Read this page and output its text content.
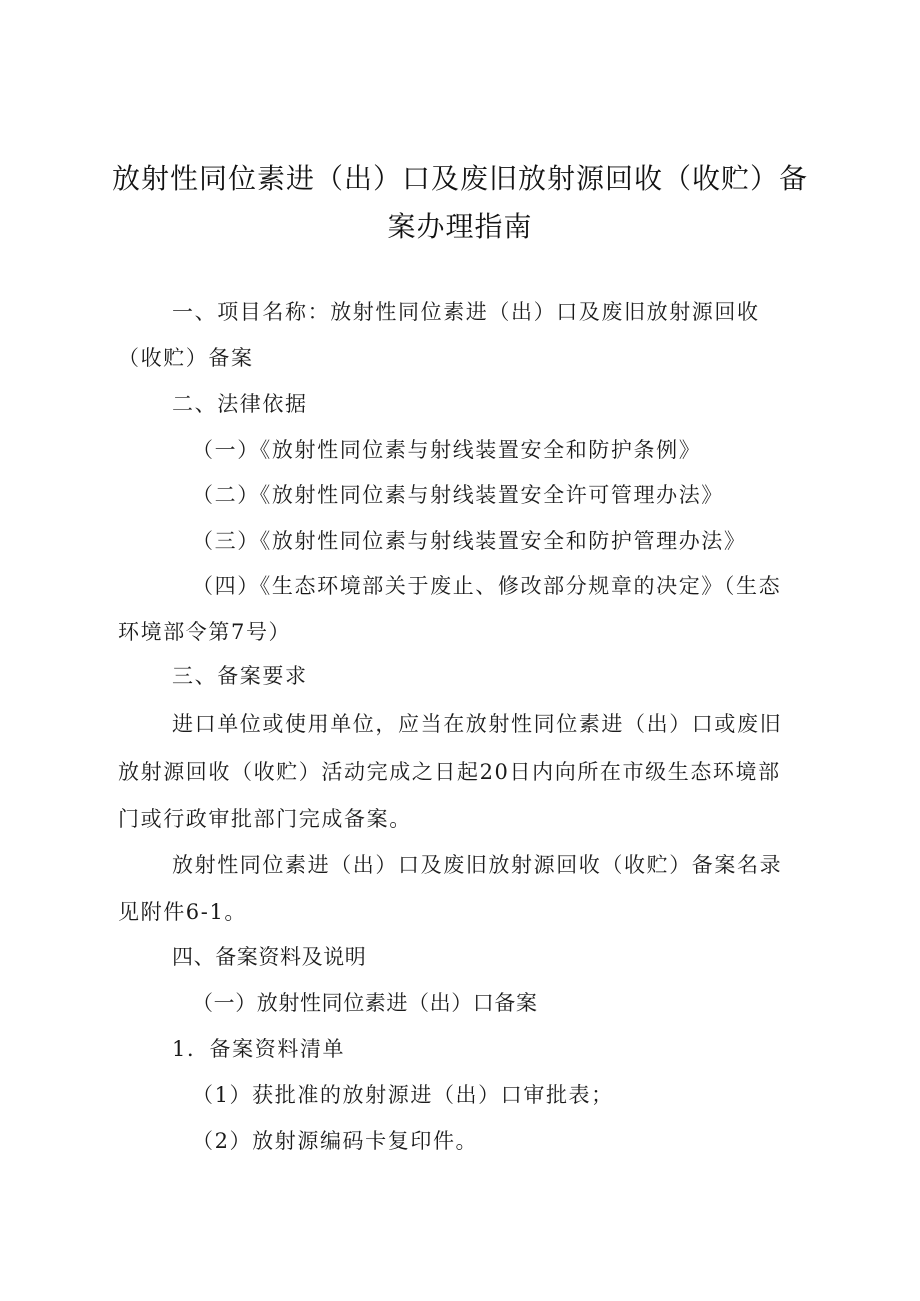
放射性同位素进（出）口及废旧放射源回收（收贮）备
案办理指南
一、项目名称：放射性同位素进（出）口及废旧放射源回收
（收贮）备案
二、法律依据
（一）《放射性同位素与射线装置安全和防护条例》
（二）《放射性同位素与射线装置安全许可管理办法》
（三）《放射性同位素与射线装置安全和防护管理办法》
（四）《生态环境部关于废止、修改部分规章的决定》（生态
环境部令第7号）
三、备案要求
进口单位或使用单位，应当在放射性同位素进（出）口或废旧
放射源回收（收贮）活动完成之日起20日内向所在市级生态环境部
门或行政审批部门完成备案。
放射性同位素进（出）口及废旧放射源回收（收贮）备案名录
见附件6-1。
四、备案资料及说明
（一）放射性同位素进（出）口备案
1．备案资料清单
（1）获批准的放射源进（出）口审批表；
（2）放射源编码卡复印件。
